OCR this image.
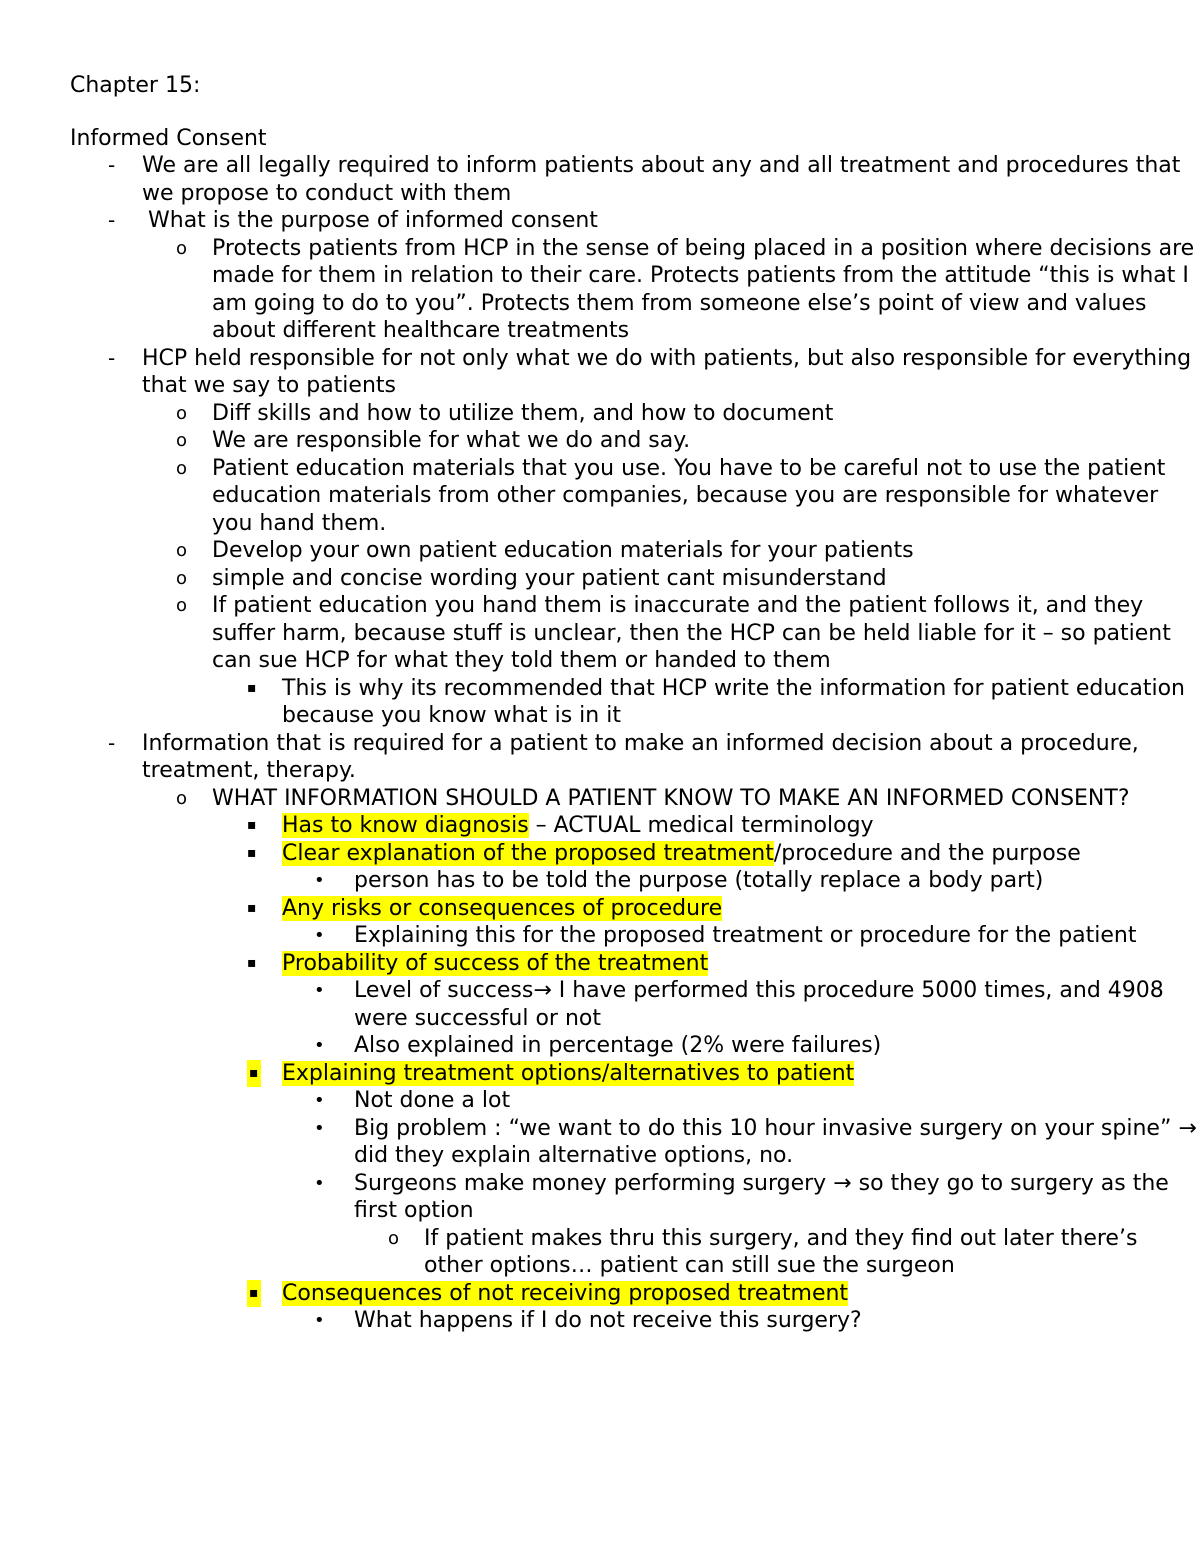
Chapter 15:
Informed Consent
- We are all legally required to inform patients about any and all treatment and procedures that we propose to conduct with them
- What is the purpose of informed consent
o Protects patients from HCP in the sense of being placed in a position where decisions are made for them in relation to their care. Protects patients from the attitude “this is what I am going to do to you”. Protects them from someone else’s point of view and values about different healthcare treatments
- HCP held responsible for not only what we do with patients, but also responsible for everything that we say to patients
o Diff skills and how to utilize them, and how to document
o We are responsible for what we do and say.
o Patient education materials that you use. You have to be careful not to use the patient education materials from other companies, because you are responsible for whatever you hand them.
o Develop your own patient education materials for your patients
o simple and concise wording your patient cant misunderstand
o If patient education you hand them is inaccurate and the patient follows it, and they suffer harm, because stuff is unclear, then the HCP can be held liable for it – so patient can sue HCP for what they told them or handed to them
▪ This is why its recommended that HCP write the information for patient education because you know what is in it
- Information that is required for a patient to make an informed decision about a procedure, treatment, therapy.
o WHAT INFORMATION SHOULD A PATIENT KNOW TO MAKE AN INFORMED CONSENT?
▪ Has to know diagnosis – ACTUAL medical terminology
▪ Clear explanation of the proposed treatment/procedure and the purpose
• person has to be told the purpose (totally replace a body part)
▪ Any risks or consequences of procedure
• Explaining this for the proposed treatment or procedure for the patient
▪ Probability of success of the treatment
• Level of success→ I have performed this procedure 5000 times, and 4908 were successful or not
• Also explained in percentage (2% were failures)
▪ Explaining treatment options/alternatives to patient
• Not done a lot
• Big problem : “we want to do this 10 hour invasive surgery on your spine” → did they explain alternative options, no.
• Surgeons make money performing surgery → so they go to surgery as the first option
o If patient makes thru this surgery, and they find out later there’s other options… patient can still sue the surgeon
▪ Consequences of not receiving proposed treatment
• What happens if I do not receive this surgery?
